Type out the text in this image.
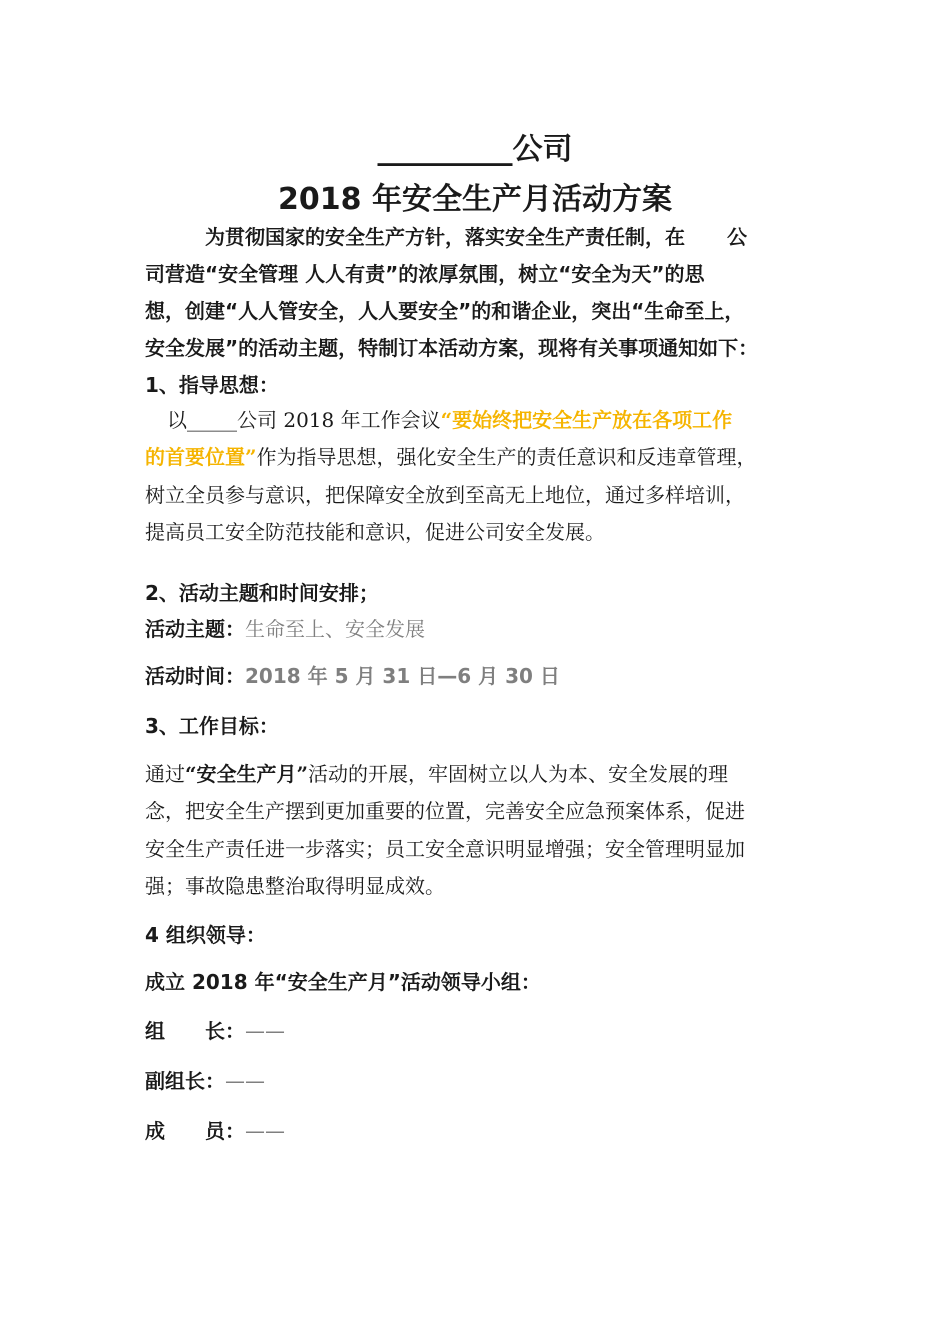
_________公司
2018 年安全生产月活动方案
为贯彻国家的安全生产方针，落实安全生产责任制，在 公
司营造“安全管理 人人有责”的浓厚氛围，树立“安全为天”的思
想，创建“人人管安全，人人要安全”的和谐企业，突出“生命至上，
安全发展”的活动主题，特制订本活动方案，现将有关事项通知如下：
1、指导思想：
以_____公司 2018 年工作会议“要始终把安全生产放在各项工作
的首要位置”作为指导思想，强化安全生产的责任意识和反违章管理，
树立全员参与意识，把保障安全放到至高无上地位，通过多样培训，
提高员工安全防范技能和意识，促进公司安全发展。
2、活动主题和时间安排；
活动主题：生命至上、安全发展
活动时间：2018 年 5 月 31 日—6 月 30 日
3、工作目标：
通过“安全生产月”活动的开展，牢固树立以人为本、安全发展的理
念，把安全生产摆到更加重要的位置，完善安全应急预案体系，促进
安全生产责任进一步落实；员工安全意识明显增强；安全管理明显加
强；事故隐患整治取得明显成效。
4 组织领导：
成立 2018 年“安全生产月”活动领导小组：
组　　长：——
副组长：——
成　　员：——
